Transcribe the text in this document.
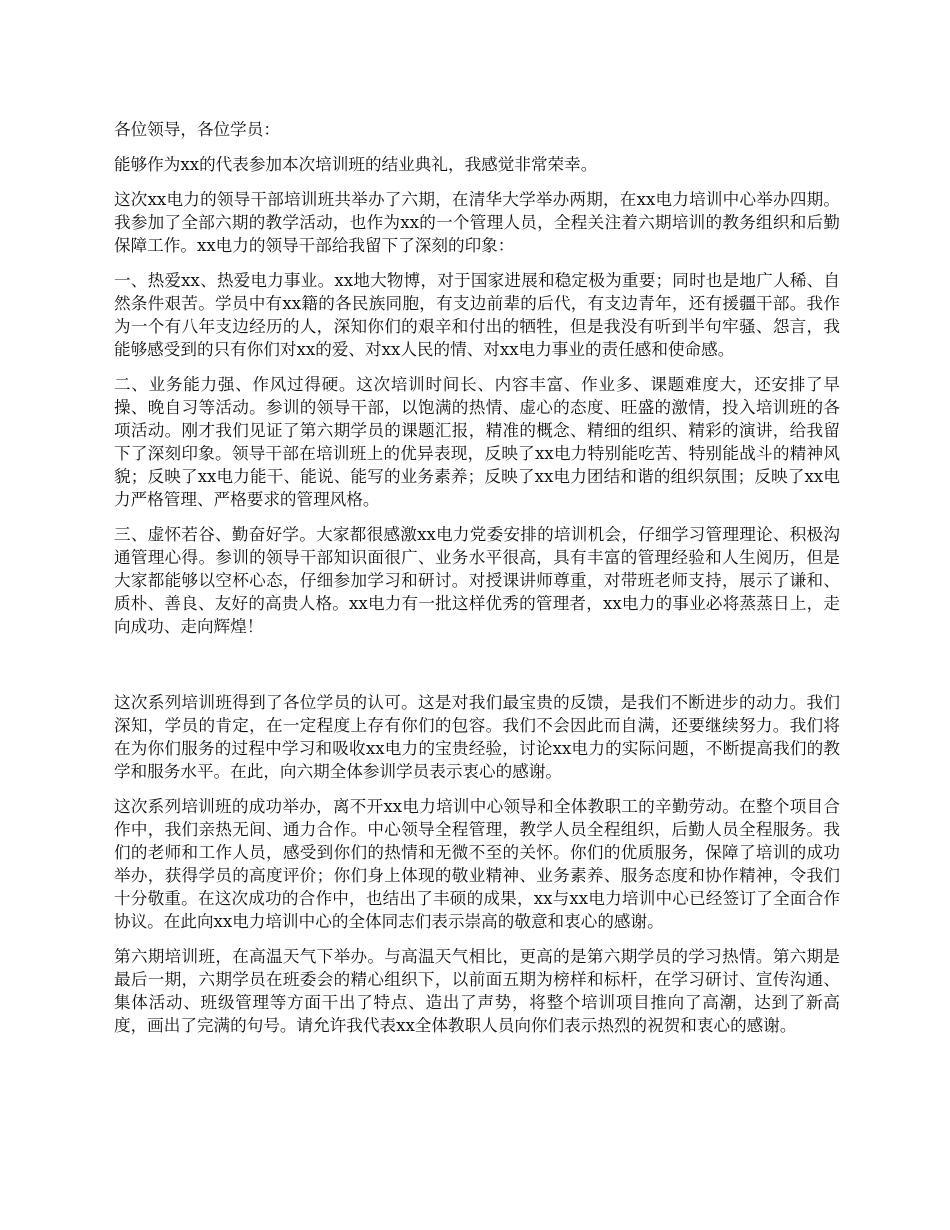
各位领导，各位学员：

能够作为xx的代表参加本次培训班的结业典礼，我感觉非常荣幸。

这次xx电力的领导干部培训班共举办了六期，在清华大学举办两期，在xx电力培训中心举办四期。我参加了全部六期的教学活动，也作为xx的一个管理人员，全程关注着六期培训的教务组织和后勤保障工作。xx电力的领导干部给我留下了深刻的印象：

一、热爱xx、热爱电力事业。xx地大物博，对于国家进展和稳定极为重要；同时也是地广人稀、自然条件艰苦。学员中有xx籍的各民族同胞，有支边前辈的后代，有支边青年，还有援疆干部。我作为一个有八年支边经历的人，深知你们的艰辛和付出的牺牲，但是我没有听到半句牢骚、怨言，我能够感受到的只有你们对xx的爱、对xx人民的情、对xx电力事业的责任感和使命感。

二、业务能力强、作风过得硬。这次培训时间长、内容丰富、作业多、课题难度大，还安排了早操、晚自习等活动。参训的领导干部，以饱满的热情、虚心的态度、旺盛的激情，投入培训班的各项活动。刚才我们见证了第六期学员的课题汇报，精准的概念、精细的组织、精彩的演讲，给我留下了深刻印象。领导干部在培训班上的优异表现，反映了xx电力特别能吃苦、特别能战斗的精神风貌；反映了xx电力能干、能说、能写的业务素养；反映了xx电力团结和谐的组织氛围；反映了xx电力严格管理、严格要求的管理风格。

三、虚怀若谷、勤奋好学。大家都很感激xx电力党委安排的培训机会，仔细学习管理理论、积极沟通管理心得。参训的领导干部知识面很广、业务水平很高，具有丰富的管理经验和人生阅历，但是大家都能够以空杯心态，仔细参加学习和研讨。对授课讲师尊重，对带班老师支持，展示了谦和、质朴、善良、友好的高贵人格。xx电力有一批这样优秀的管理者，xx电力的事业必将蒸蒸日上，走向成功、走向辉煌！

这次系列培训班得到了各位学员的认可。这是对我们最宝贵的反馈，是我们不断进步的动力。我们深知，学员的肯定，在一定程度上存有你们的包容。我们不会因此而自满，还要继续努力。我们将在为你们服务的过程中学习和吸收xx电力的宝贵经验，讨论xx电力的实际问题，不断提高我们的教学和服务水平。在此，向六期全体参训学员表示衷心的感谢。

这次系列培训班的成功举办，离不开xx电力培训中心领导和全体教职工的辛勤劳动。在整个项目合作中，我们亲热无间、通力合作。中心领导全程管理，教学人员全程组织，后勤人员全程服务。我们的老师和工作人员，感受到你们的热情和无微不至的关怀。你们的优质服务，保障了培训的成功举办，获得学员的高度评价；你们身上体现的敬业精神、业务素养、服务态度和协作精神，令我们十分敬重。在这次成功的合作中，也结出了丰硕的成果，xx与xx电力培训中心已经签订了全面合作协议。在此向xx电力培训中心的全体同志们表示崇高的敬意和衷心的感谢。

第六期培训班，在高温天气下举办。与高温天气相比，更高的是第六期学员的学习热情。第六期是最后一期，六期学员在班委会的精心组织下，以前面五期为榜样和标杆，在学习研讨、宣传沟通、集体活动、班级管理等方面干出了特点、造出了声势，将整个培训项目推向了高潮，达到了新高度，画出了完满的句号。请允许我代表xx全体教职人员向你们表示热烈的祝贺和衷心的感谢。
